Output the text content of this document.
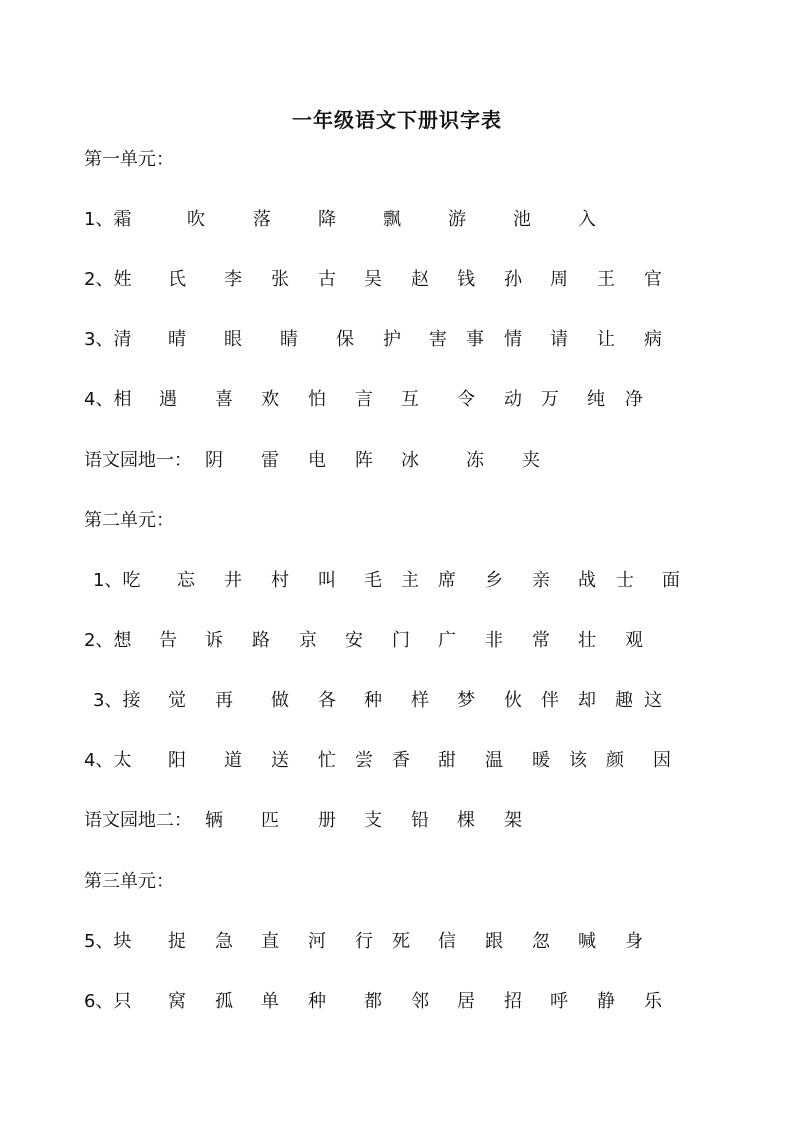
一年级语文下册识字表
第一单元：
1、霜	吹	落	降	飘	游	池	入
2、姓 氏 李 张 古 吴 赵 钱 孙 周 王 官
3、清 晴 眼 睛 保 护 害 事 情 请 让 病
4、相 遇 喜 欢 怕 言 互 令 动 万 纯 净
语文园地一： 阴 雷 电 阵 冰	冻 夹
第二单元：
1、吃 忘 井 村 叫 毛 主 席 乡 亲 战 士 面
2、想 告 诉 路 京 安 门 广 非 常 壮 观
3、接 觉 再 做 各 种 样 梦 伙 伴 却 趣 这
4、太 阳 道 送 忙 尝 香 甜 温 暖 该 颜 因
语文园地二： 辆 匹 册 支 铅 棵 架
第三单元：
5、块 捉 急 直 河 行 死 信 跟 忽 喊 身
6、只 窝 孤 单 种 都 邻 居 招 呼 静 乐
